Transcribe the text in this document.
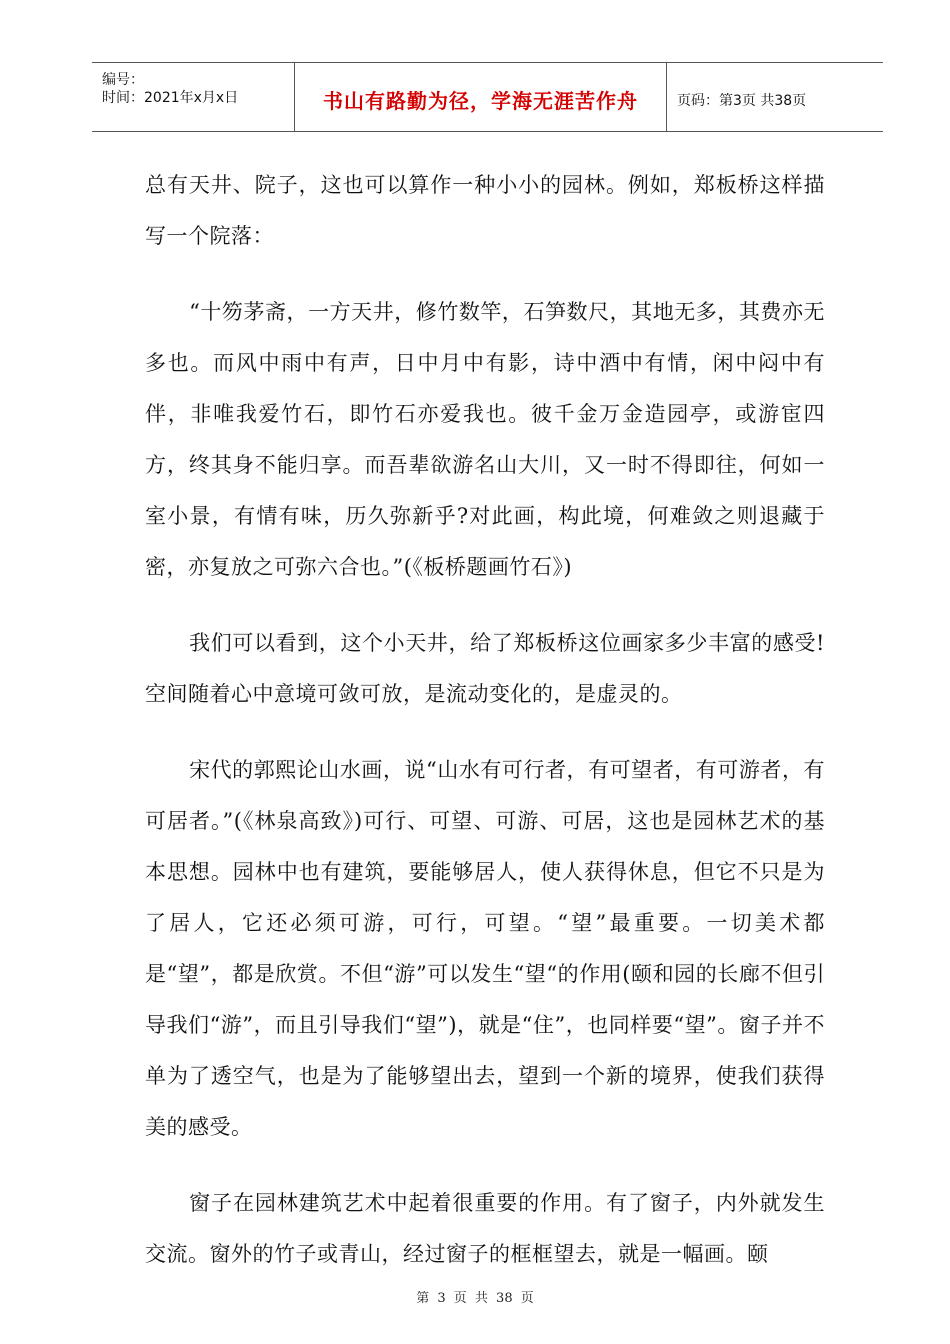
编号：
时间：2021年x月x日	书山有路勤为径，学海无涯苦作舟	页码：第3页 共38页

总有天井、院子，这也可以算作一种小小的园林。例如，郑板桥这样描写一个院落：

“十笏茅斋，一方天井，修竹数竿，石笋数尺，其地无多，其费亦无多也。而风中雨中有声，日中月中有影，诗中酒中有情，闲中闷中有伴，非唯我爱竹石，即竹石亦爱我也。彼千金万金造园亭，或游宦四方，终其身不能归享。而吾辈欲游名山大川，又一时不得即往，何如一室小景，有情有味，历久弥新乎?对此画，构此境，何难敛之则退藏于密，亦复放之可弥六合也。”(《板桥题画竹石》)

我们可以看到，这个小天井，给了郑板桥这位画家多少丰富的感受!空间随着心中意境可敛可放，是流动变化的，是虚灵的。

宋代的郭熙论山水画，说“山水有可行者，有可望者，有可游者，有可居者。”(《林泉高致》)可行、可望、可游、可居，这也是园林艺术的基本思想。园林中也有建筑，要能够居人，使人获得休息，但它不只是为了居人，它还必须可游，可行，可望。“望”最重要。一切美术都是“望”，都是欣赏。不但“游”可以发生“望“的作用(颐和园的长廊不但引导我们“游”，而且引导我们“望”)，就是“住”，也同样要“望”。窗子并不单为了透空气，也是为了能够望出去，望到一个新的境界，使我们获得美的感受。

窗子在园林建筑艺术中起着很重要的作用。有了窗子，内外就发生交流。窗外的竹子或青山，经过窗子的框框望去，就是一幅画。颐

第 3 页 共 38 页
